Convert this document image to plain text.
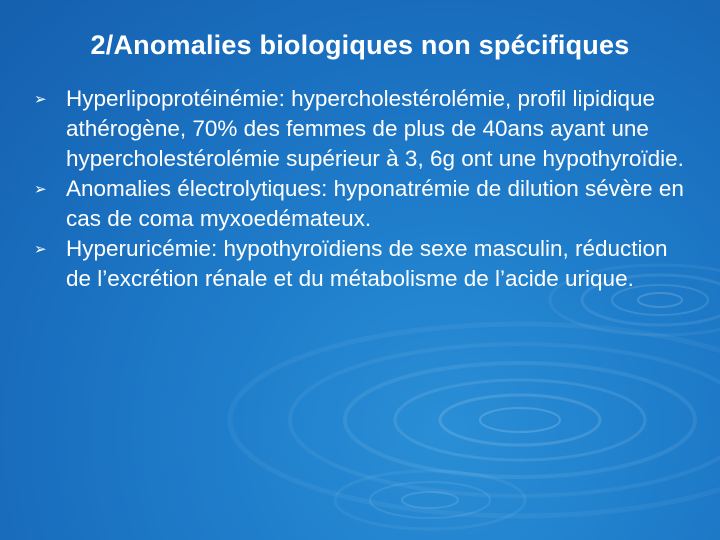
2/Anomalies biologiques non spécifiques
➢ Hyperlipoprotéinémie: hypercholestérolémie, profil lipidique athérogène, 70% des femmes de plus de 40ans ayant une hypercholestérolémie supérieur à 3, 6g ont une hypothyroïdie.
➢ Anomalies électrolytiques: hyponatrémie de dilution sévère en cas de coma myxoedémateux.
➢ Hyperuricémie: hypothyroïdiens de sexe masculin, réduction de l’excrétion rénale et du métabolisme de l’acide urique.
